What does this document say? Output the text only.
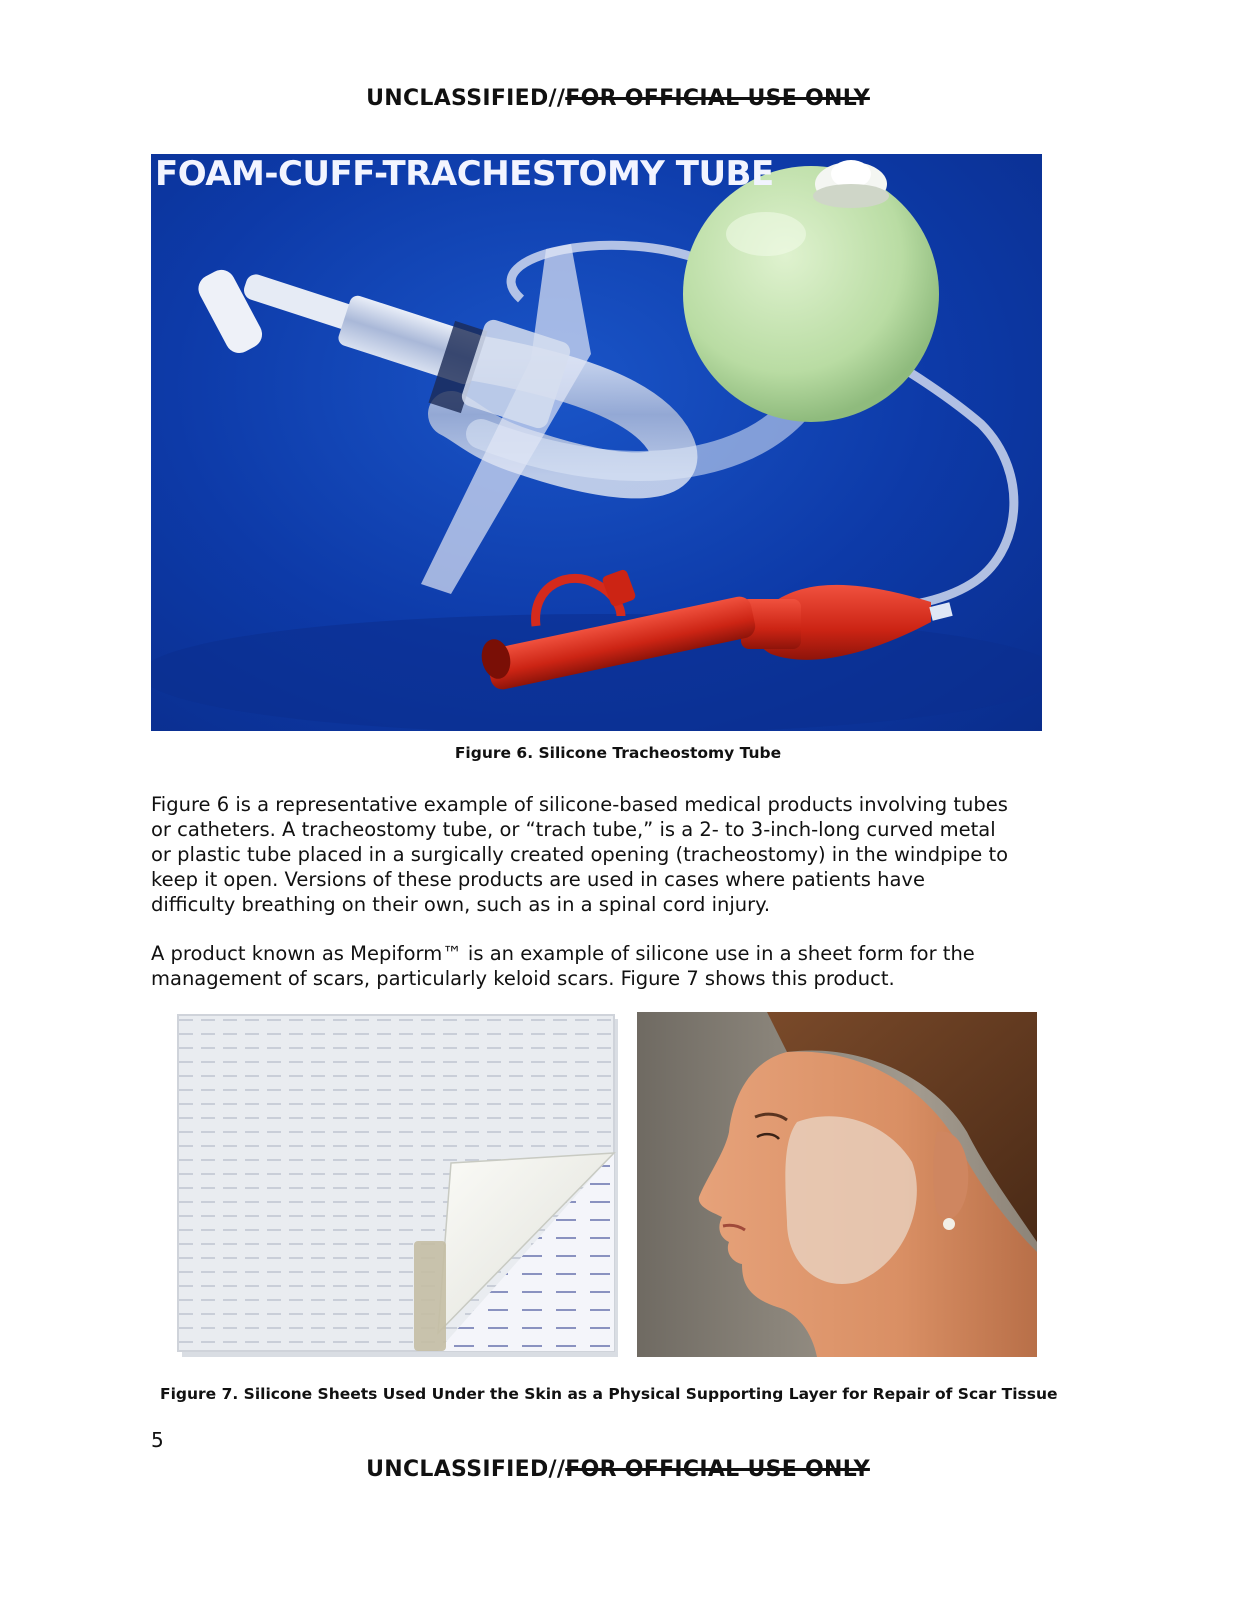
UNCLASSIFIED//FOR OFFICIAL USE ONLY
FOAM-CUFF-TRACHESTOMY TUBE
Figure 6. Silicone Tracheostomy Tube
Figure 6 is a representative example of silicone-based medical products involving tubes
or catheters. A tracheostomy tube, or “trach tube,” is a 2- to 3-inch-long curved metal
or plastic tube placed in a surgically created opening (tracheostomy) in the windpipe to
keep it open. Versions of these products are used in cases where patients have
difficulty breathing on their own, such as in a spinal cord injury.
A product known as Mepiform™ is an example of silicone use in a sheet form for the
management of scars, particularly keloid scars. Figure 7 shows this product.
Figure 7. Silicone Sheets Used Under the Skin as a Physical Supporting Layer for Repair of Scar Tissue
5
UNCLASSIFIED//FOR OFFICIAL USE ONLY
